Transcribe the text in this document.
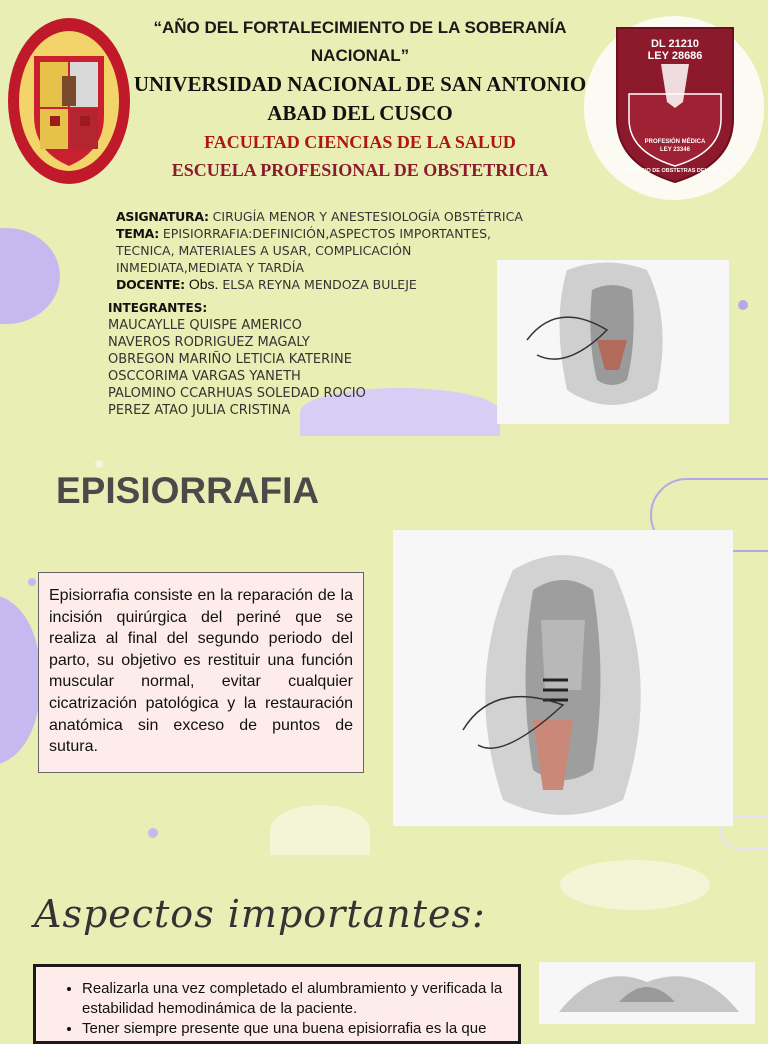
DL 21210
LEY 28686
PROFESIÓN MÉDICA
LEY 23346
COLEGIO DE OBSTETRAS DEL PERÚ
“AÑO DEL FORTALECIMIENTO DE LA SOBERANÍA NACIONAL”
UNIVERSIDAD NACIONAL DE SAN ANTONIO
ABAD DEL CUSCO
FACULTAD CIENCIAS DE LA SALUD
ESCUELA PROFESIONAL DE OBSTETRICIA
ASIGNATURA: CIRUGÍA MENOR Y ANESTESIOLOGÍA OBSTÉTRICA
TEMA: EPISIORRAFIA:DEFINICIÓN,ASPECTOS IMPORTANTES,
TECNICA, MATERIALES A USAR, COMPLICACIÓN
INMEDIATA,MEDIATA Y TARDÍA
DOCENTE: Obs. ELSA REYNA MENDOZA BULEJE
INTEGRANTES:
MAUCAYLLE QUISPE AMERICO
NAVEROS RODRIGUEZ MAGALY
OBREGON MARIÑO LETICIA KATERINE
OSCCORIMA VARGAS YANETH
PALOMINO CCARHUAS SOLEDAD ROCIO
PEREZ ATAO JULIA CRISTINA
EPISIORRAFIA
Episiorrafia consiste en la reparación de la incisión quirúrgica del periné que se realiza al final del segundo periodo del parto, su objetivo es restituir una función muscular normal, evitar cualquier cicatrización patológica y la restauración anatómica sin exceso de puntos de sutura.
Aspectos importantes:
• Realizarla una vez completado el alumbramiento y verificada la estabilidad hemodinámica de la paciente.
• Tener siempre presente que una buena episiorrafia es la que
